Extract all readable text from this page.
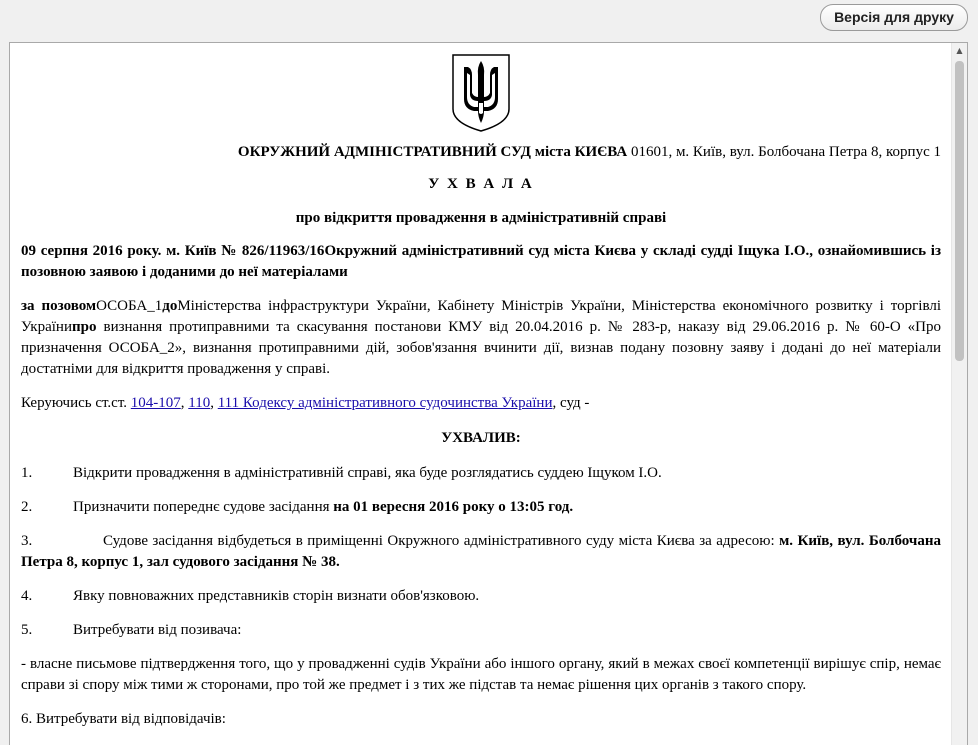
Версія для друку

ОКРУЖНИЙ АДМІНІСТРАТИВНИЙ СУД міста КИЄВА 01601, м. Київ, вул. Болбочана Петра 8, корпус 1

У Х В А Л А

про відкриття провадження в адміністративній справі

09 серпня 2016 року. м. Київ № 826/11963/16Окружний адміністративний суд міста Києва у складі судді Іщука І.О., ознайомившись із позовною заявою і доданими до неї матеріалами

за позовомОСОБА_1доМіністерства інфраструктури України, Кабінету Міністрів України, Міністерства економічного розвитку і торгівлі Українипро визнання протиправними та скасування постанови КМУ від 20.04.2016 р. № 283-р, наказу від 29.06.2016 р. № 60-О «Про призначення ОСОБА_2», визнання протиправними дій, зобов'язання вчинити дії, визнав подану позовну заяву і додані до неї матеріали достатніми для відкриття провадження у справі.

Керуючись ст.ст. 104-107, 110, 111 Кодексу адміністративного судочинства України, суд -

УХВАЛИВ:

1.	Відкрити провадження в адміністративній справі, яка буде розглядатись суддею Іщуком І.О.

2.	Призначити попереднє судове засідання на 01 вересня 2016 року о 13:05 год.

3.	Судове засідання відбудеться в приміщенні Окружного адміністративного суду міста Києва за адресою: м. Київ, вул. Болбочана Петра 8, корпус 1, зал судового засідання № 38.

4.	Явку повноважних представників сторін визнати обов'язковою.

5.	Витребувати від позивача:

- власне письмове підтвердження того, що у провадженні судів України або іншого органу, який в межах своєї компетенції вирішує спір, немає справи зі спору між тими ж сторонами, про той же предмет і з тих же підстав та немає рішення цих органів з такого спору.

6. Витребувати від відповідачів:

▲
